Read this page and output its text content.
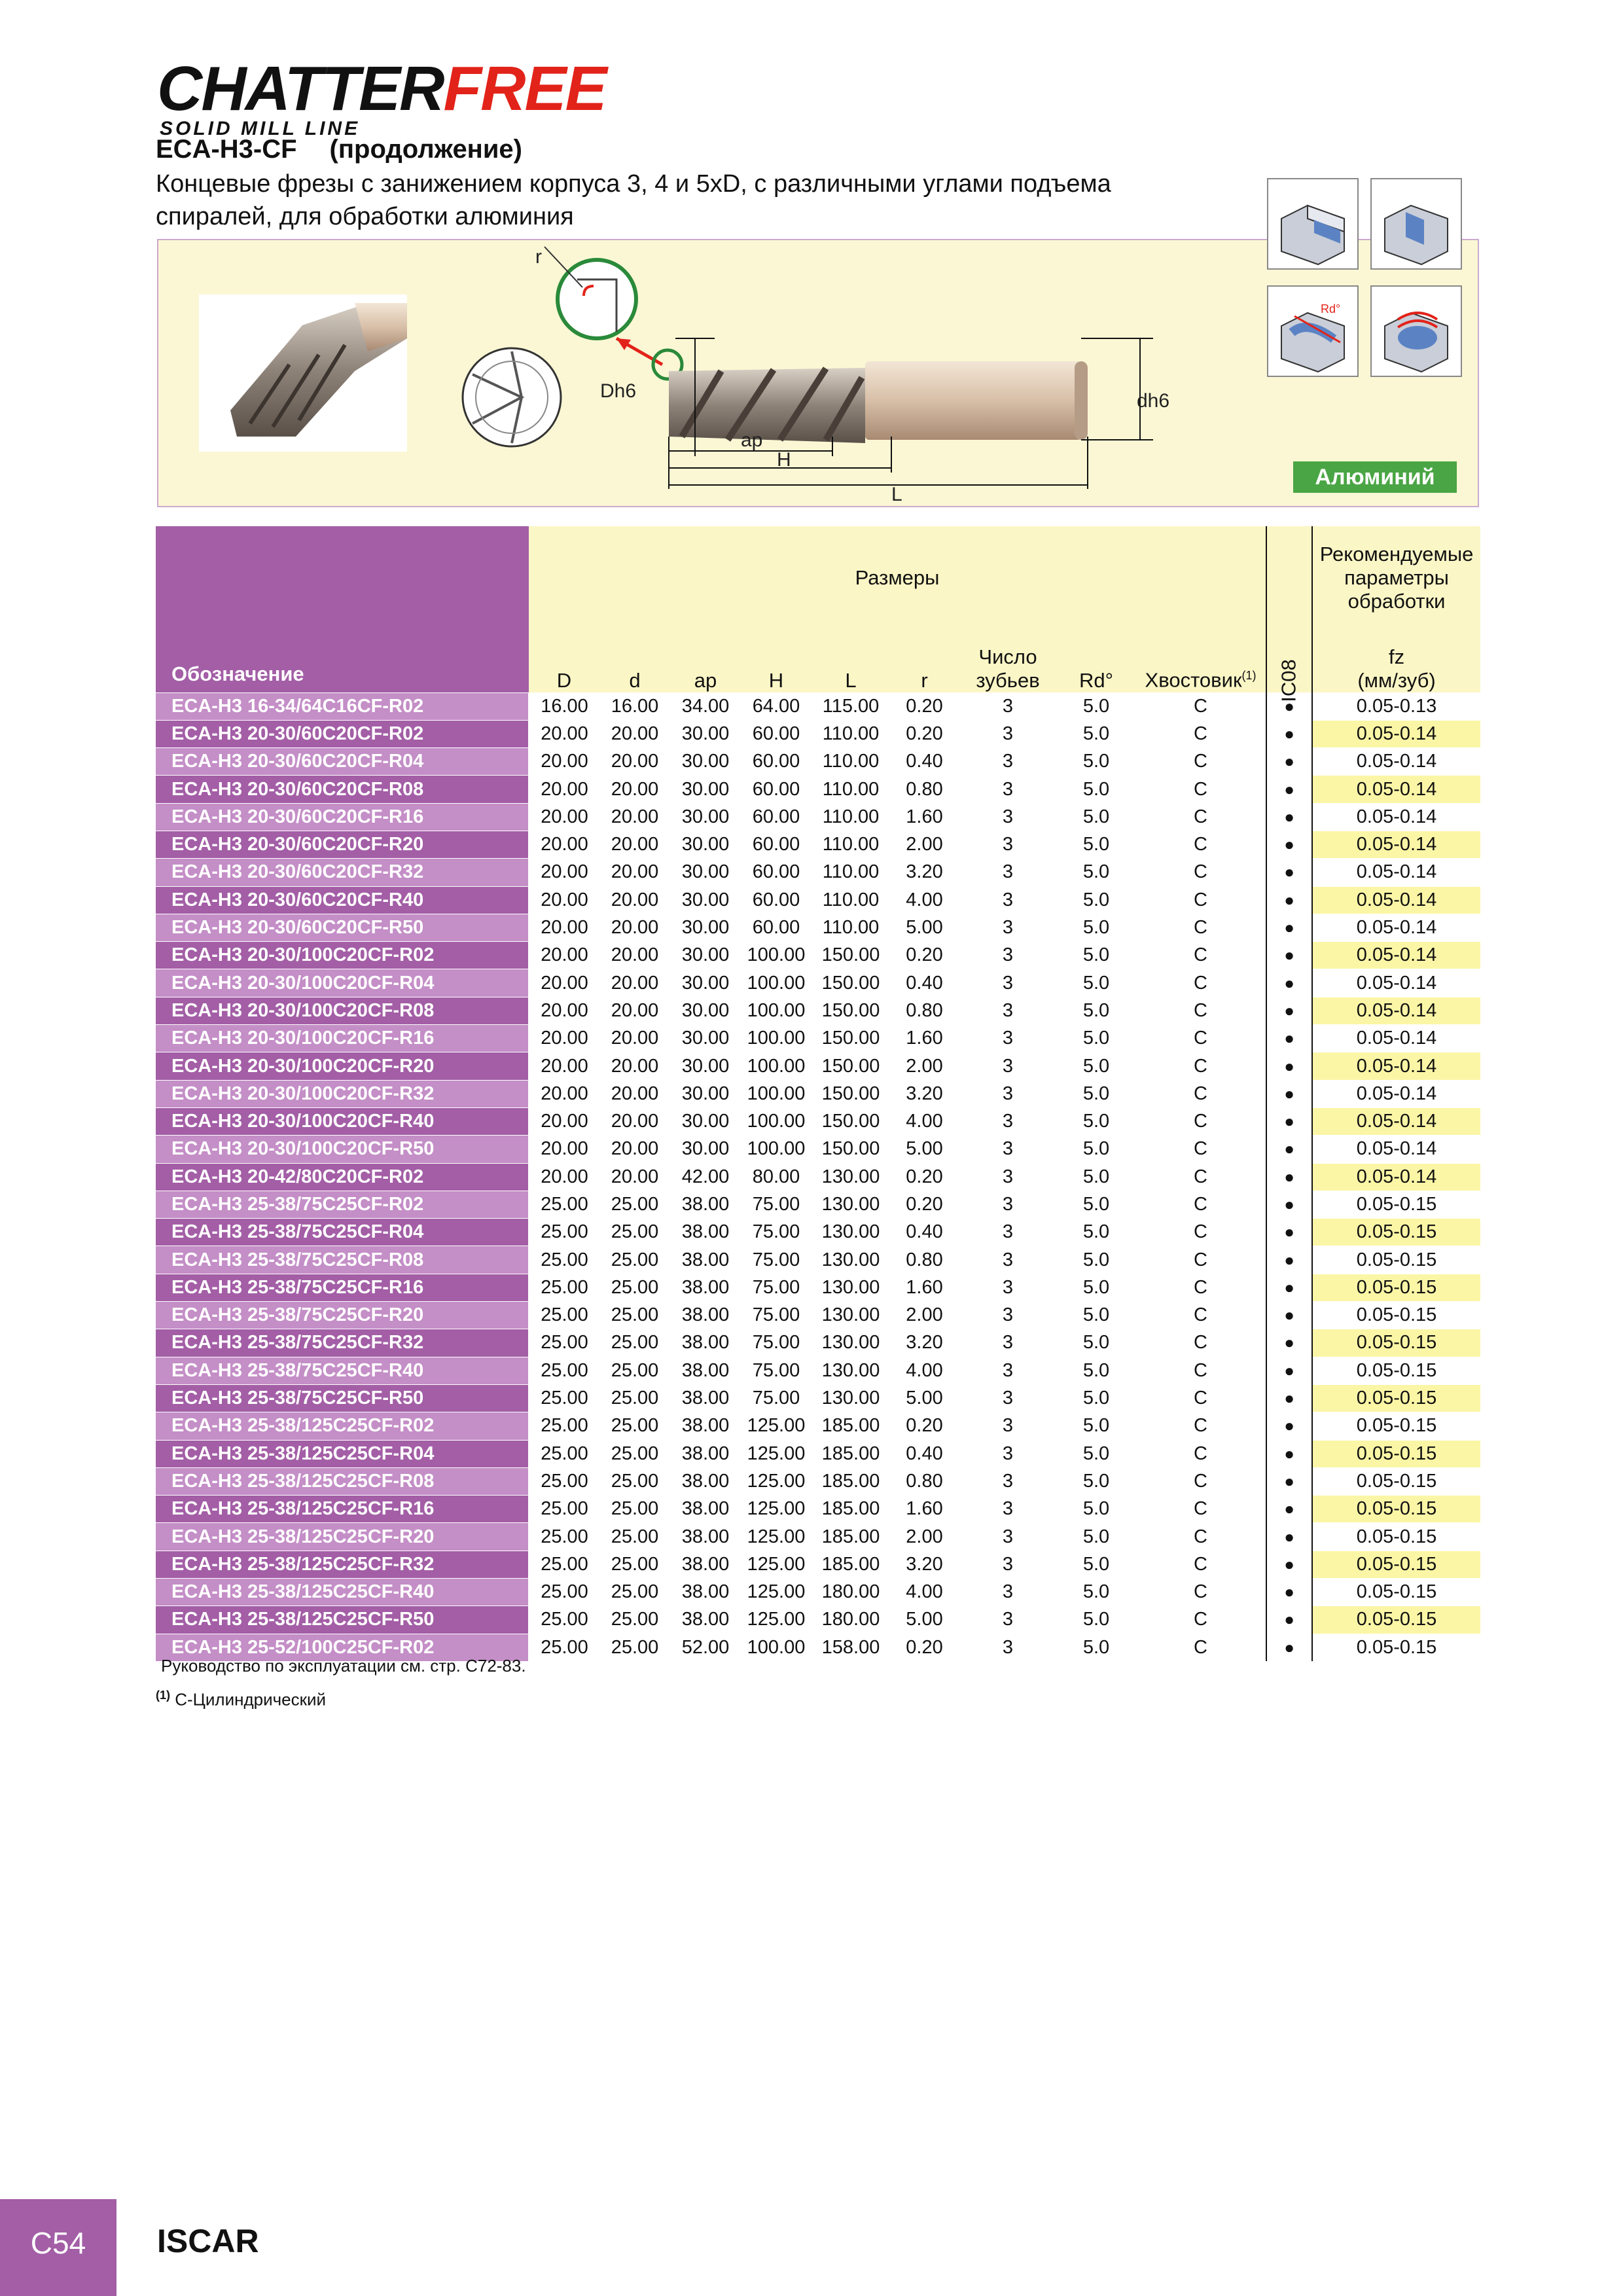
CHATTERFREE
SOLID MILL LINE
ECA-H3-CF (продолжение)
Концевые фрезы с занижением корпуса 3, 4 и 5xD, с различными углами подъема спиралей, для обработки алюминия
r
Dh6	dh6
ap
H
L
Rd°
Алюминий
Обозначение	Размеры									IC08	Рекомендуемые параметры обработки
	D	d	ap	H	L	r	Число зубьев	Rd°	Хвостовик$^{(1)}$		fz
(мм/зуб)

ECA-H3 16-34/64C16CF-R02	16.00	16.00	34.00	64.00	115.00	0.20	3	5.0	C	●	0.05-0.13
ECA-H3 20-30/60C20CF-R02	20.00	20.00	30.00	60.00	110.00	0.20	3	5.0	C	●	0.05-0.14
ECA-H3 20-30/60C20CF-R04	20.00	20.00	30.00	60.00	110.00	0.40	3	5.0	C	●	0.05-0.14
ECA-H3 20-30/60C20CF-R08	20.00	20.00	30.00	60.00	110.00	0.80	3	5.0	C	●	0.05-0.14
ECA-H3 20-30/60C20CF-R16	20.00	20.00	30.00	60.00	110.00	1.60	3	5.0	C	●	0.05-0.14
ECA-H3 20-30/60C20CF-R20	20.00	20.00	30.00	60.00	110.00	2.00	3	5.0	C	●	0.05-0.14
ECA-H3 20-30/60C20CF-R32	20.00	20.00	30.00	60.00	110.00	3.20	3	5.0	C	●	0.05-0.14
ECA-H3 20-30/60C20CF-R40	20.00	20.00	30.00	60.00	110.00	4.00	3	5.0	C	●	0.05-0.14
ECA-H3 20-30/60C20CF-R50	20.00	20.00	30.00	60.00	110.00	5.00	3	5.0	C	●	0.05-0.14
ECA-H3 20-30/100C20CF-R02	20.00	20.00	30.00	100.00	150.00	0.20	3	5.0	C	●	0.05-0.14
ECA-H3 20-30/100C20CF-R04	20.00	20.00	30.00	100.00	150.00	0.40	3	5.0	C	●	0.05-0.14
ECA-H3 20-30/100C20CF-R08	20.00	20.00	30.00	100.00	150.00	0.80	3	5.0	C	●	0.05-0.14
ECA-H3 20-30/100C20CF-R16	20.00	20.00	30.00	100.00	150.00	1.60	3	5.0	C	●	0.05-0.14
ECA-H3 20-30/100C20CF-R20	20.00	20.00	30.00	100.00	150.00	2.00	3	5.0	C	●	0.05-0.14
ECA-H3 20-30/100C20CF-R32	20.00	20.00	30.00	100.00	150.00	3.20	3	5.0	C	●	0.05-0.14
ECA-H3 20-30/100C20CF-R40	20.00	20.00	30.00	100.00	150.00	4.00	3	5.0	C	●	0.05-0.14
ECA-H3 20-30/100C20CF-R50	20.00	20.00	30.00	100.00	150.00	5.00	3	5.0	C	●	0.05-0.14
ECA-H3 20-42/80C20CF-R02	20.00	20.00	42.00	80.00	130.00	0.20	3	5.0	C	●	0.05-0.14
ECA-H3 25-38/75C25CF-R02	25.00	25.00	38.00	75.00	130.00	0.20	3	5.0	C	●	0.05-0.15
ECA-H3 25-38/75C25CF-R04	25.00	25.00	38.00	75.00	130.00	0.40	3	5.0	C	●	0.05-0.15
ECA-H3 25-38/75C25CF-R08	25.00	25.00	38.00	75.00	130.00	0.80	3	5.0	C	●	0.05-0.15
ECA-H3 25-38/75C25CF-R16	25.00	25.00	38.00	75.00	130.00	1.60	3	5.0	C	●	0.05-0.15
ECA-H3 25-38/75C25CF-R20	25.00	25.00	38.00	75.00	130.00	2.00	3	5.0	C	●	0.05-0.15
ECA-H3 25-38/75C25CF-R32	25.00	25.00	38.00	75.00	130.00	3.20	3	5.0	C	●	0.05-0.15
ECA-H3 25-38/75C25CF-R40	25.00	25.00	38.00	75.00	130.00	4.00	3	5.0	C	●	0.05-0.15
ECA-H3 25-38/75C25CF-R50	25.00	25.00	38.00	75.00	130.00	5.00	3	5.0	C	●	0.05-0.15
ECA-H3 25-38/125C25CF-R02	25.00	25.00	38.00	125.00	185.00	0.20	3	5.0	C	●	0.05-0.15
ECA-H3 25-38/125C25CF-R04	25.00	25.00	38.00	125.00	185.00	0.40	3	5.0	C	●	0.05-0.15
ECA-H3 25-38/125C25CF-R08	25.00	25.00	38.00	125.00	185.00	0.80	3	5.0	C	●	0.05-0.15
ECA-H3 25-38/125C25CF-R16	25.00	25.00	38.00	125.00	185.00	1.60	3	5.0	C	●	0.05-0.15
ECA-H3 25-38/125C25CF-R20	25.00	25.00	38.00	125.00	185.00	2.00	3	5.0	C	●	0.05-0.15
ECA-H3 25-38/125C25CF-R32	25.00	25.00	38.00	125.00	185.00	3.20	3	5.0	C	●	0.05-0.15
ECA-H3 25-38/125C25CF-R40	25.00	25.00	38.00	125.00	180.00	4.00	3	5.0	C	●	0.05-0.15
ECA-H3 25-38/125C25CF-R50	25.00	25.00	38.00	125.00	180.00	5.00	3	5.0	C	●	0.05-0.15
ECA-H3 25-52/100C25CF-R02	25.00	25.00	52.00	100.00	158.00	0.20	3	5.0	C	●	0.05-0.15
Руководство по эксплуатации см. стр. С72-83.
$^{(1)}$ С-Цилиндрический
C54	ISCAR
